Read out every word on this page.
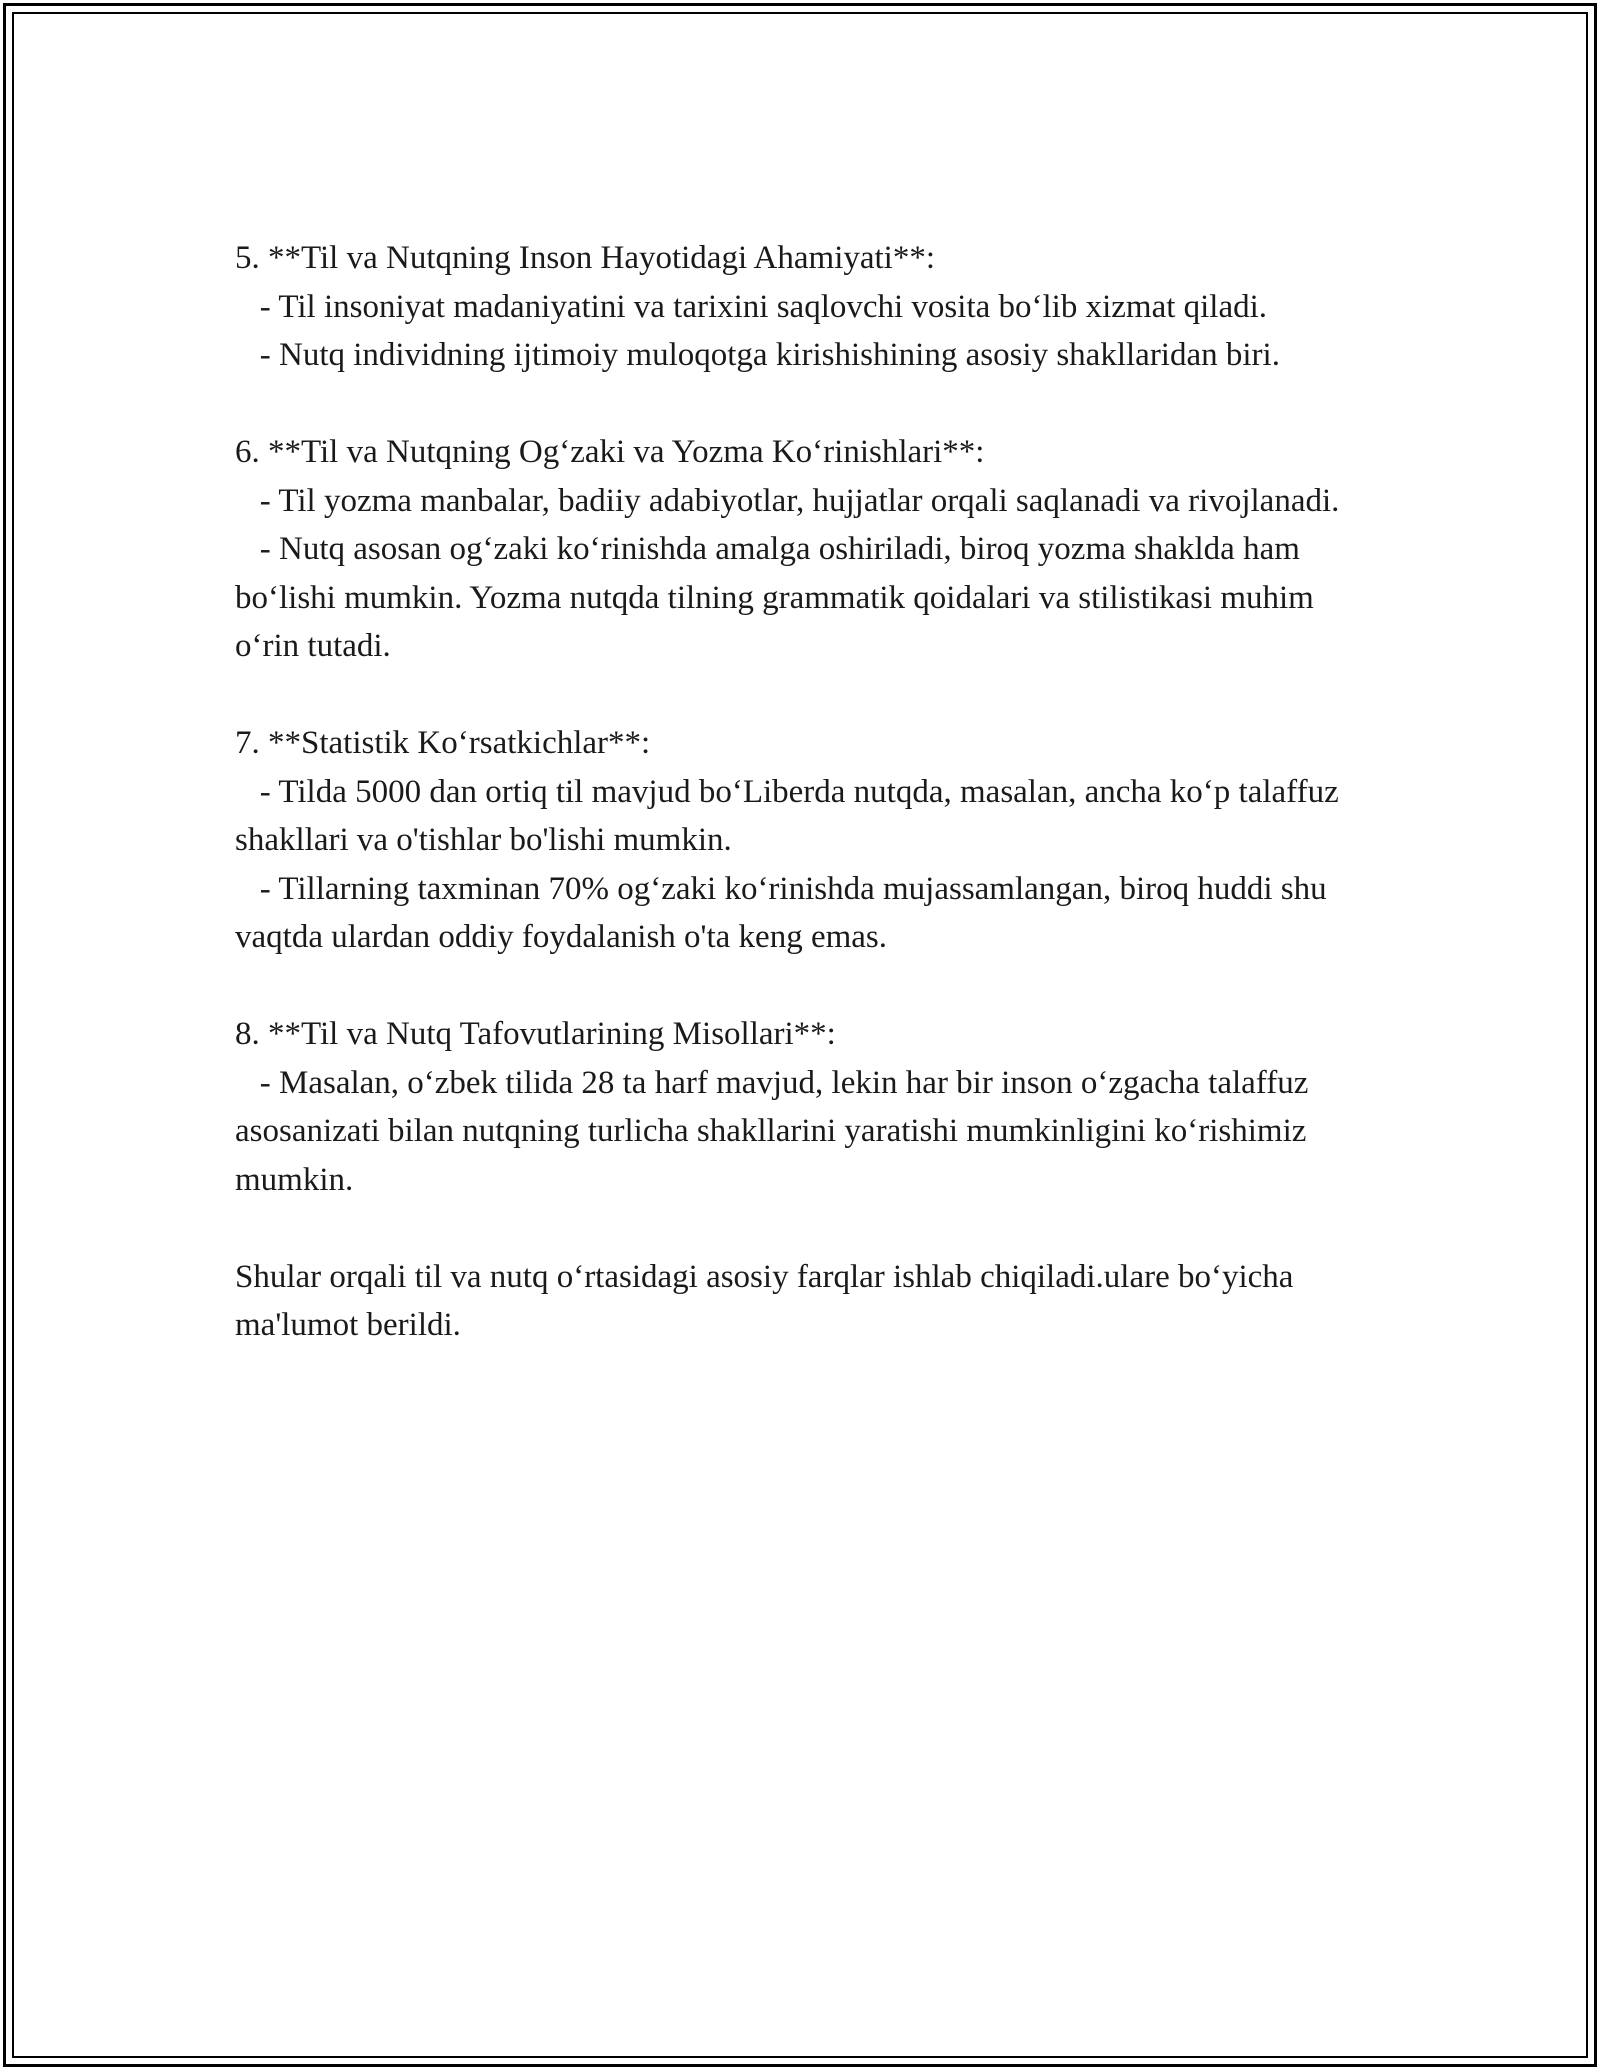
5. **Til va Nutqning Inson Hayotidagi Ahamiyati**:

- Til insoniyat madaniyatini va tarixini saqlovchi vosita bo‘lib xizmat qiladi.

- Nutq individning ijtimoiy muloqotga kirishishining asosiy shakllaridan biri.

6. **Til va Nutqning Og‘zaki va Yozma Ko‘rinishlari**:

- Til yozma manbalar, badiiy adabiyotlar, hujjatlar orqali saqlanadi va rivojlanadi.

- Nutq asosan og‘zaki ko‘rinishda amalga oshiriladi, biroq yozma shaklda ham bo‘lishi mumkin. Yozma nutqda tilning grammatik qoidalari va stilistikasi muhim o‘rin tutadi.

7. **Statistik Ko‘rsatkichlar**:

- Tilda 5000 dan ortiq til mavjud bo‘Liberda nutqda, masalan, ancha ko‘p talaffuz shakllari va o'tishlar bo'lishi mumkin.

- Tillarning taxminan 70% og‘zaki ko‘rinishda mujassamlangan, biroq huddi shu vaqtda ulardan oddiy foydalanish o'ta keng emas.

8. **Til va Nutq Tafovutlarining Misollari**:

- Masalan, o‘zbek tilida 28 ta harf mavjud, lekin har bir inson o‘zgacha talaffuz asosanizati bilan nutqning turlicha shakllarini yaratishi mumkinligini ko‘rishimiz mumkin.

Shular orqali til va nutq o‘rtasidagi asosiy farqlar ishlab chiqiladi.ulare bo‘yicha ma'lumot berildi.
